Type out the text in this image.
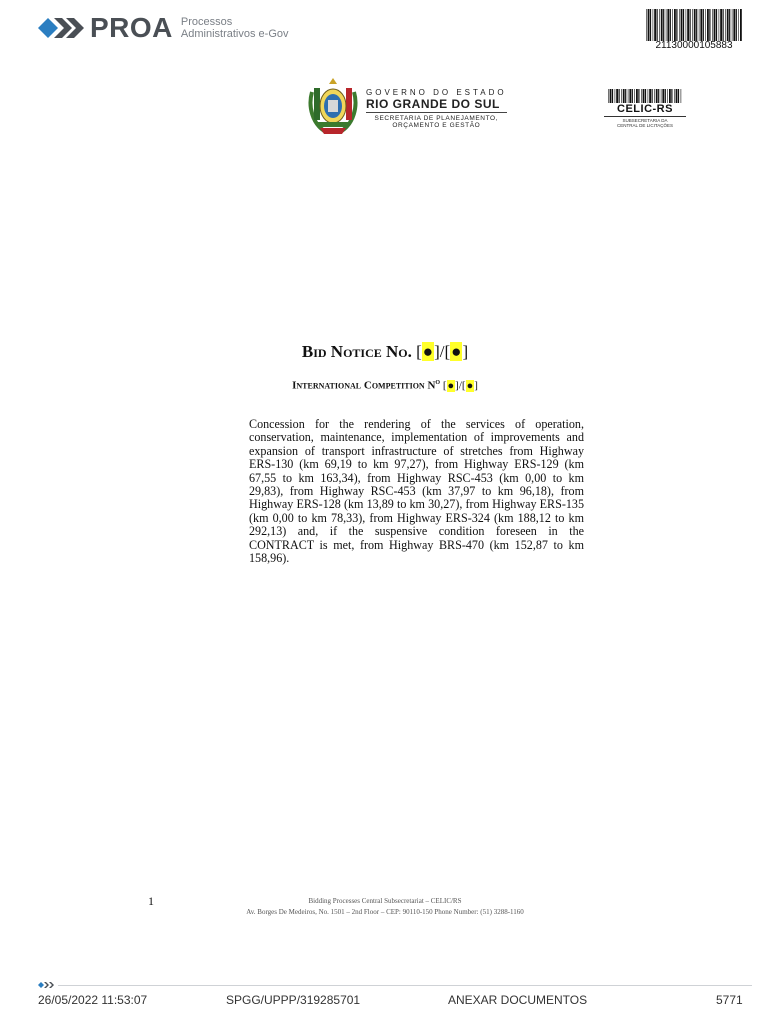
PROA Processos
Administrativos e-Gov
21130000105883
GOVERNO DO ESTADO
RIO GRANDE DO SUL
SECRETARIA DE PLANEJAMENTO,
ORÇAMENTO E GESTÃO
CELIC-RS
SUBSECRETARIA DA
CENTRAL DE LICITAÇÕES
Bid Notice No. [●]/[●]
International Competition $N^o$ [●]/[●]
Concession for the rendering of the services of operation, conservation, maintenance, implementation of improvements and expansion of transport infrastructure of stretches from Highway ERS-130 (km 69,19 to km 97,27), from Highway ERS-129 (km 67,55 to km 163,34), from Highway RSC-453 (km 0,00 to km 29,83), from Highway RSC-453 (km 37,97 to km 96,18), from Highway ERS-128 (km 13,89 to km 30,27), from Highway ERS-135 (km 0,00 to km 78,33), from Highway ERS-324 (km 188,12 to km 292,13) and, if the suspensive condition foreseen in the CONTRACT is met, from Highway BRS-470 (km 152,87 to km 158,96).
1	Bidding Processes Central Subsecretariat – CELIC/RS
Av. Borges De Medeiros, No. 1501 – 2nd Floor – CEP: 90110-150 Phone Number: (51) 3288-1160
26/05/2022 11:53:07	SPGG/UPPP/319285701	ANEXAR DOCUMENTOS	5771
